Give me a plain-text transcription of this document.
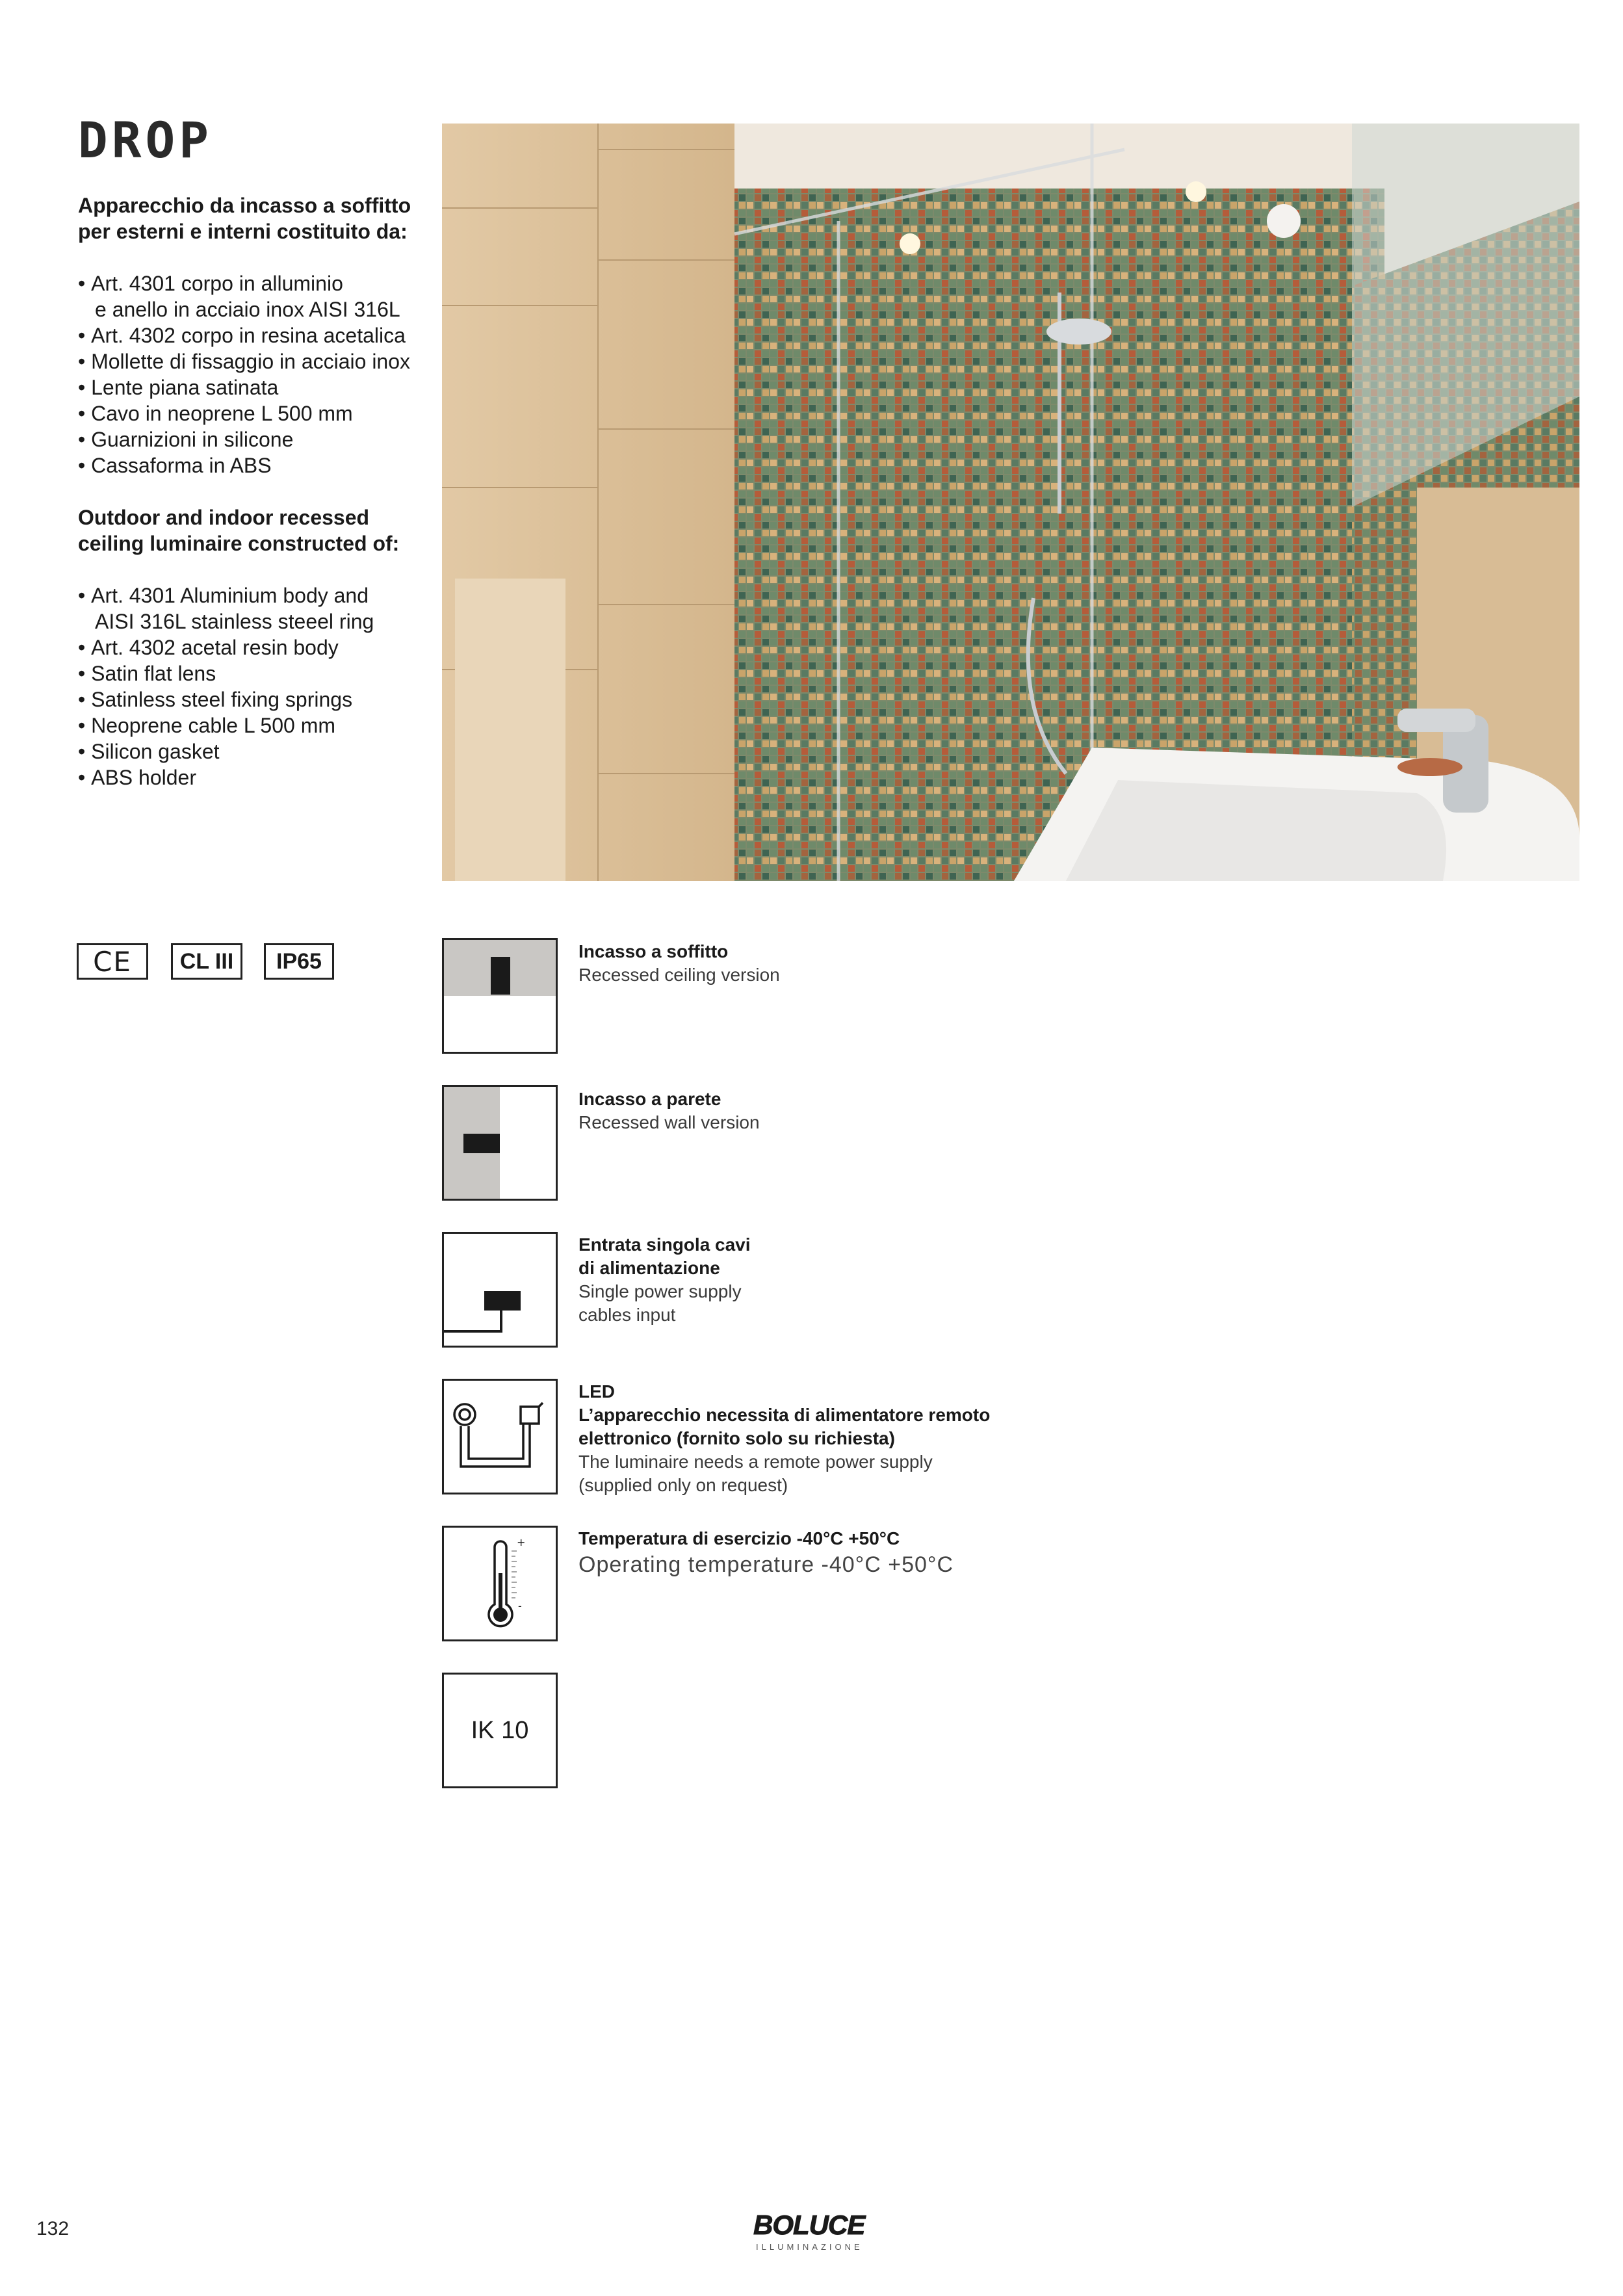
DROP
Apparecchio da incasso a soffitto
per esterni e interni costituito da:
• Art. 4301 corpo in alluminio
e anello in acciaio inox AISI 316L
• Art. 4302 corpo in resina acetalica
• Mollette di fissaggio in acciaio inox
• Lente piana satinata
• Cavo in neoprene L 500 mm
• Guarnizioni in silicone
• Cassaforma in ABS
Outdoor and indoor recessed
ceiling luminaire constructed of:
• Art. 4301 Aluminium body and
AISI 316L stainless steeel ring
• Art. 4302 acetal resin body
• Satin flat lens
• Satinless steel fixing springs
• Neoprene cable L 500 mm
• Silicon gasket
• ABS holder
CE	CL III	IP65	Incasso a soffitto
Recessed ceiling version
Incasso a parete
Recessed wall version
Entrata singola cavi
di alimentazione
Single power supply
cables input
LED
L’apparecchio necessita di alimentatore remoto
elettronico (fornito solo su richiesta)
The luminaire needs a remote power supply
(supplied only on request)
+
-
Temperatura di esercizio -40°C +50°C
Operating temperature -40°C +50°C
IK 10
132	BOLUCE
ILLUMINAZIONE
